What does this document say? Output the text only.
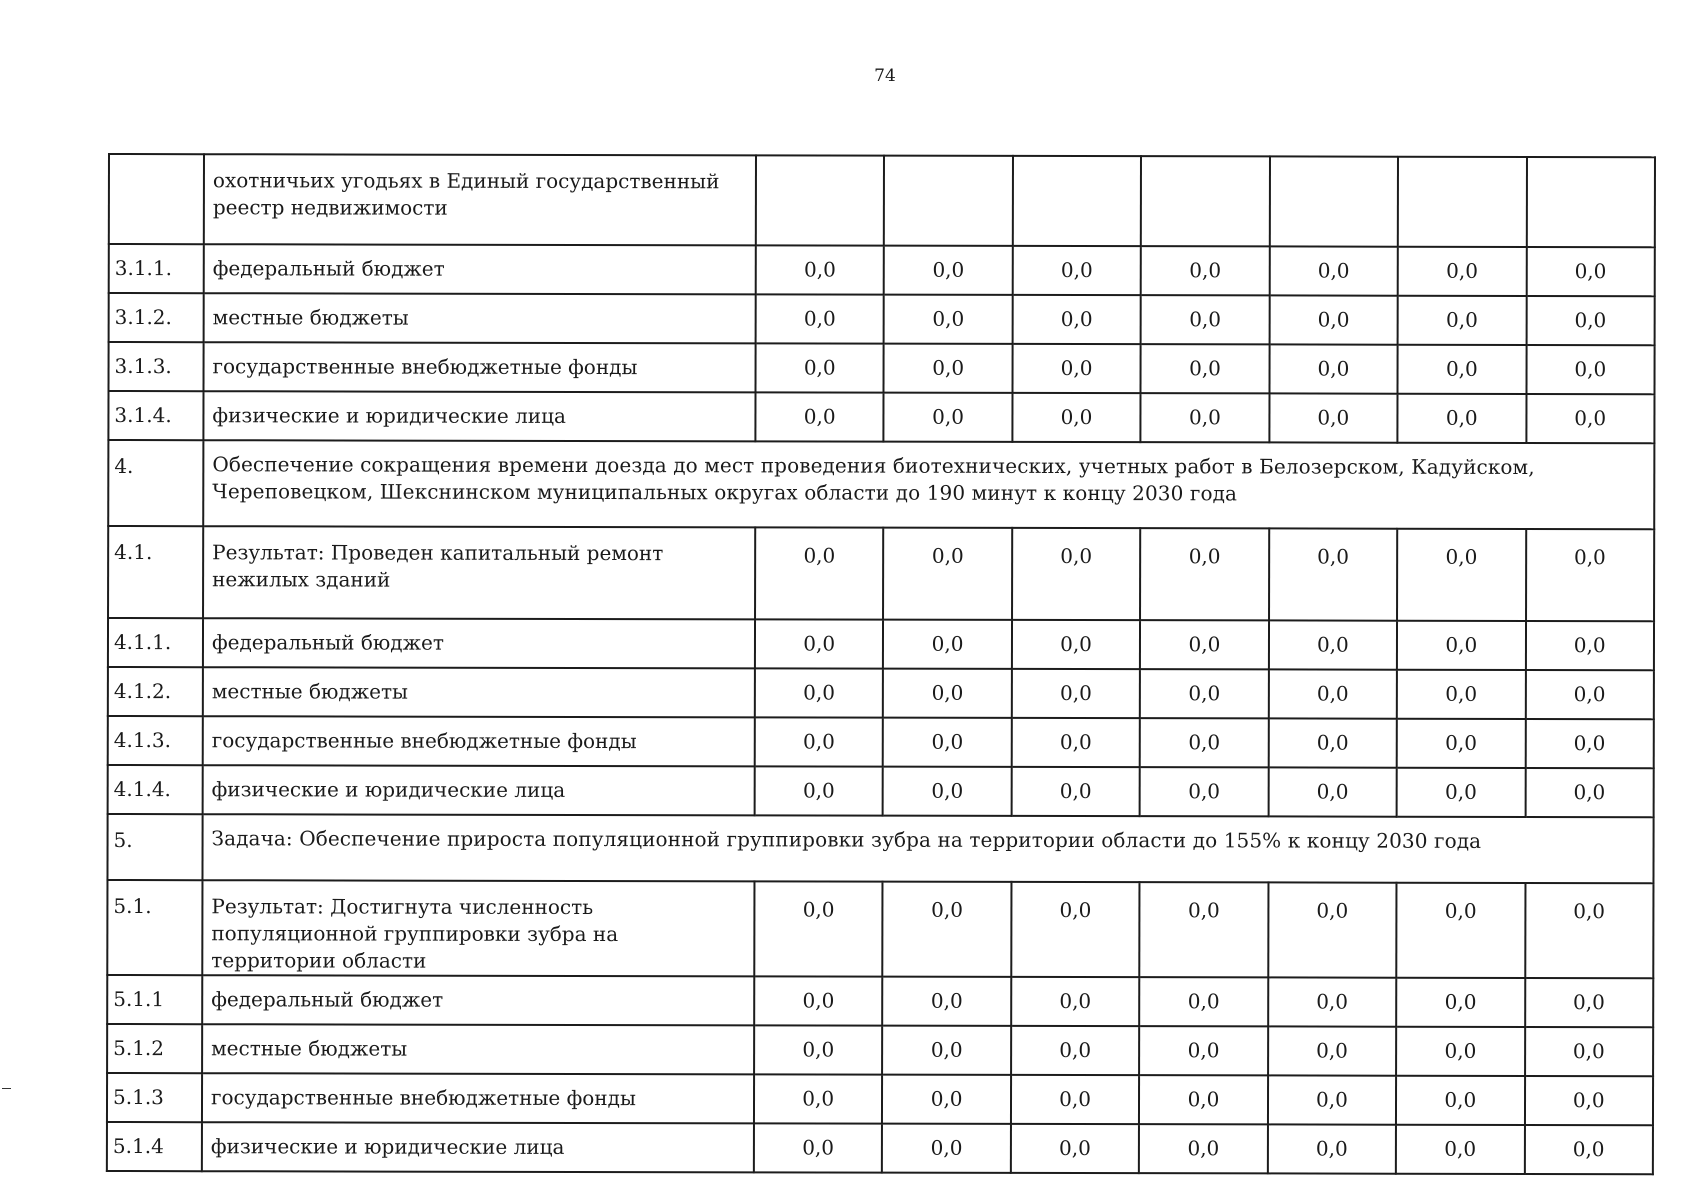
74
	охотничьих угодьях в Единый государственный реестр недвижимости							
3.1.1.	федеральный бюджет	0,0	0,0	0,0	0,0	0,0	0,0	0,0
3.1.2.	местные бюджеты	0,0	0,0	0,0	0,0	0,0	0,0	0,0
3.1.3.	государственные внебюджетные фонды	0,0	0,0	0,0	0,0	0,0	0,0	0,0
3.1.4.	физические и юридические лица	0,0	0,0	0,0	0,0	0,0	0,0	0,0
4.	Обеспечение сокращения времени доезда до мест проведения биотехнических, учетных работ в Белозерском, Кадуйском, Череповецком, Шекснинском муниципальных округах области до 190 минут к концу 2030 года							
4.1.	Результат: Проведен капитальный ремонт нежилых зданий	0,0	0,0	0,0	0,0	0,0	0,0	0,0
4.1.1.	федеральный бюджет	0,0	0,0	0,0	0,0	0,0	0,0	0,0
4.1.2.	местные бюджеты	0,0	0,0	0,0	0,0	0,0	0,0	0,0
4.1.3.	государственные внебюджетные фонды	0,0	0,0	0,0	0,0	0,0	0,0	0,0
4.1.4.	физические и юридические лица	0,0	0,0	0,0	0,0	0,0	0,0	0,0
5.	Задача: Обеспечение прироста популяционной группировки зубра на территории области до 155% к концу 2030 года							
5.1.	Результат: Достигнута численность популяционной группировки зубра на территории области	0,0	0,0	0,0	0,0	0,0	0,0	0,0
5.1.1	федеральный бюджет	0,0	0,0	0,0	0,0	0,0	0,0	0,0
5.1.2	местные бюджеты	0,0	0,0	0,0	0,0	0,0	0,0	0,0
5.1.3	государственные внебюджетные фонды	0,0	0,0	0,0	0,0	0,0	0,0	0,0
5.1.4	физические и юридические лица	0,0	0,0	0,0	0,0	0,0	0,0	0,0
